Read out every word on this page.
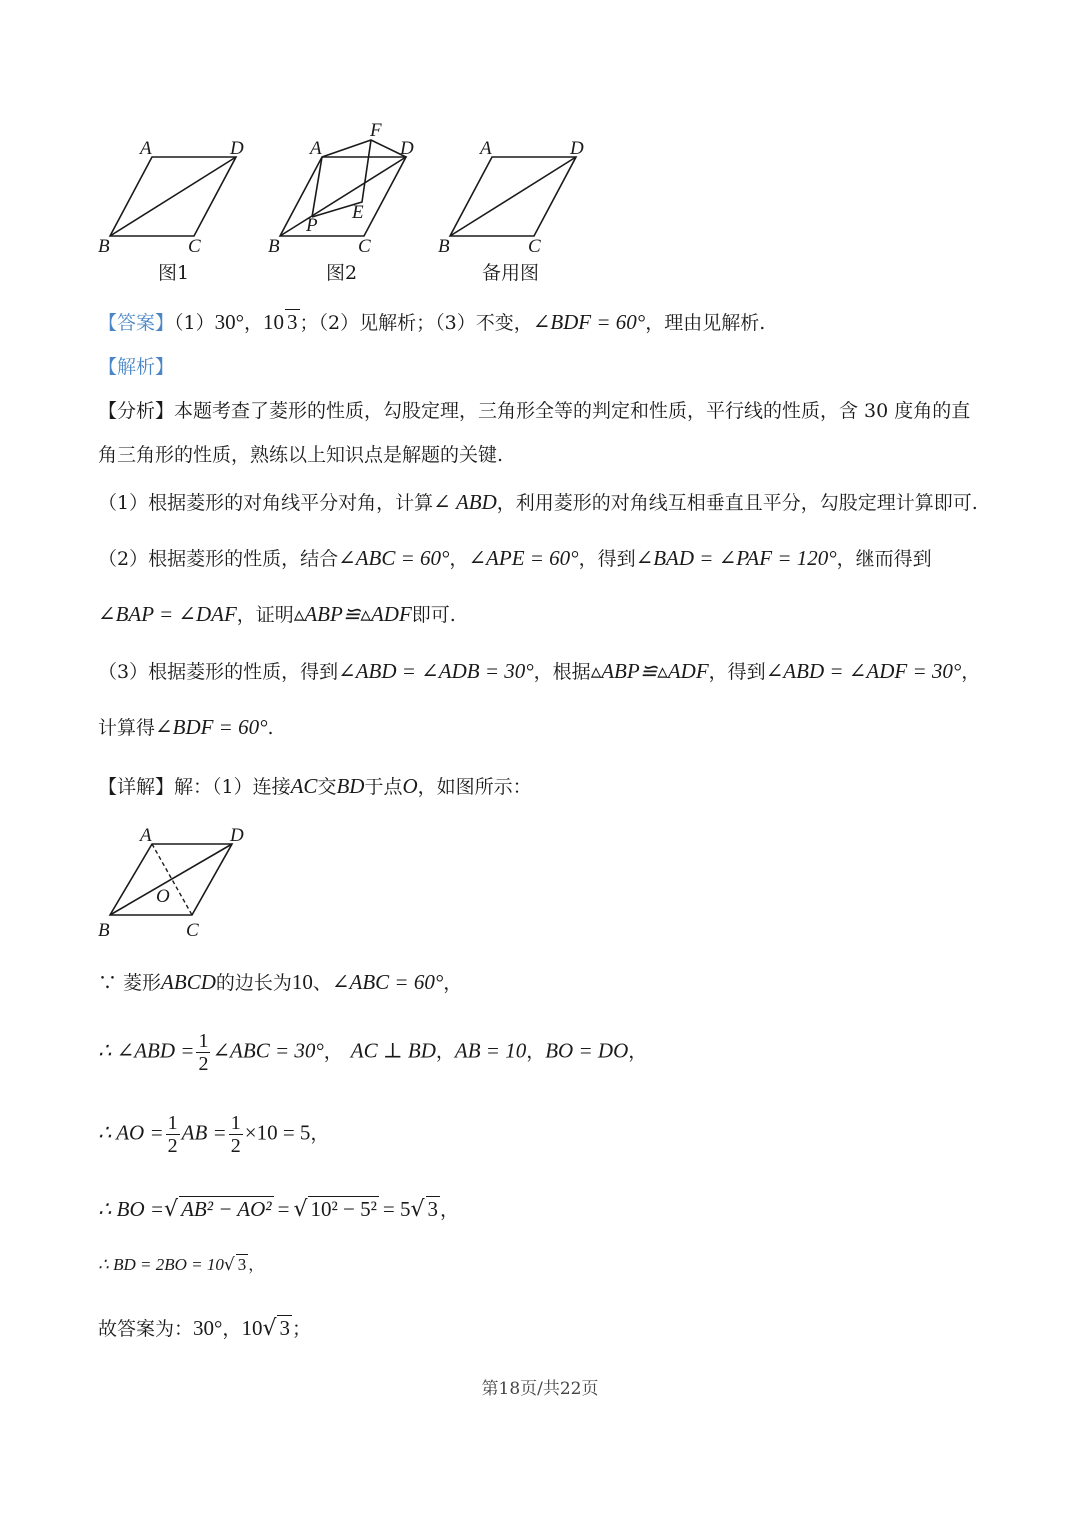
A	D
B	C
A
F
D
P
E
B	C
A	D
B	C
图1	图2	备用图
【答案】（1）30°，10 3 ；（2）见解析；（3）不变，∠BDF = 60°，理由见解析.
【解析】
【分析】本题考查了菱形的性质，勾股定理，三角形全等的判定和性质，平行线的性质，含 30 度角的直
角三角形的性质，熟练以上知识点是解题的关键.
（1）根据菱形的对角线平分对角，计算∠ ABD，利用菱形的对角线互相垂直且平分，勾股定理计算即可.
（2）根据菱形的性质，结合∠ABC = 60°，∠APE = 60°，得到∠BAD = ∠PAF = 120°，继而得到
∠BAP = ∠DAF，证明▵ABP≌▵ADF即可.
（3）根据菱形的性质，得到∠ABD = ∠ADB = 30°，根据▵ABP≌▵ADF，得到∠ABD = ∠ADF = 30°，
计算得∠BDF = 60°.
【详解】解：（1）连接AC交BD于点O，如图所示：
A	D
O
B	C
∵ 菱形ABCD的边长为10、∠ABC = 60°，
∴ ∠ABD = $\frac{1}{2}$ ∠ABC = 30°， AC ⊥ BD，AB = 10，BO = DO，
∴ AO = $\frac{1}{2}$ AB = $\frac{1}{2} \times 10 = 5$，
∴ BO =√ AB² − AO² = √ 10² − 5² = 5√ 3 ，
∴ BD = 2BO = 10√ 3 ，
故答案为：30°，10√ 3 ；
第18页/共22页
